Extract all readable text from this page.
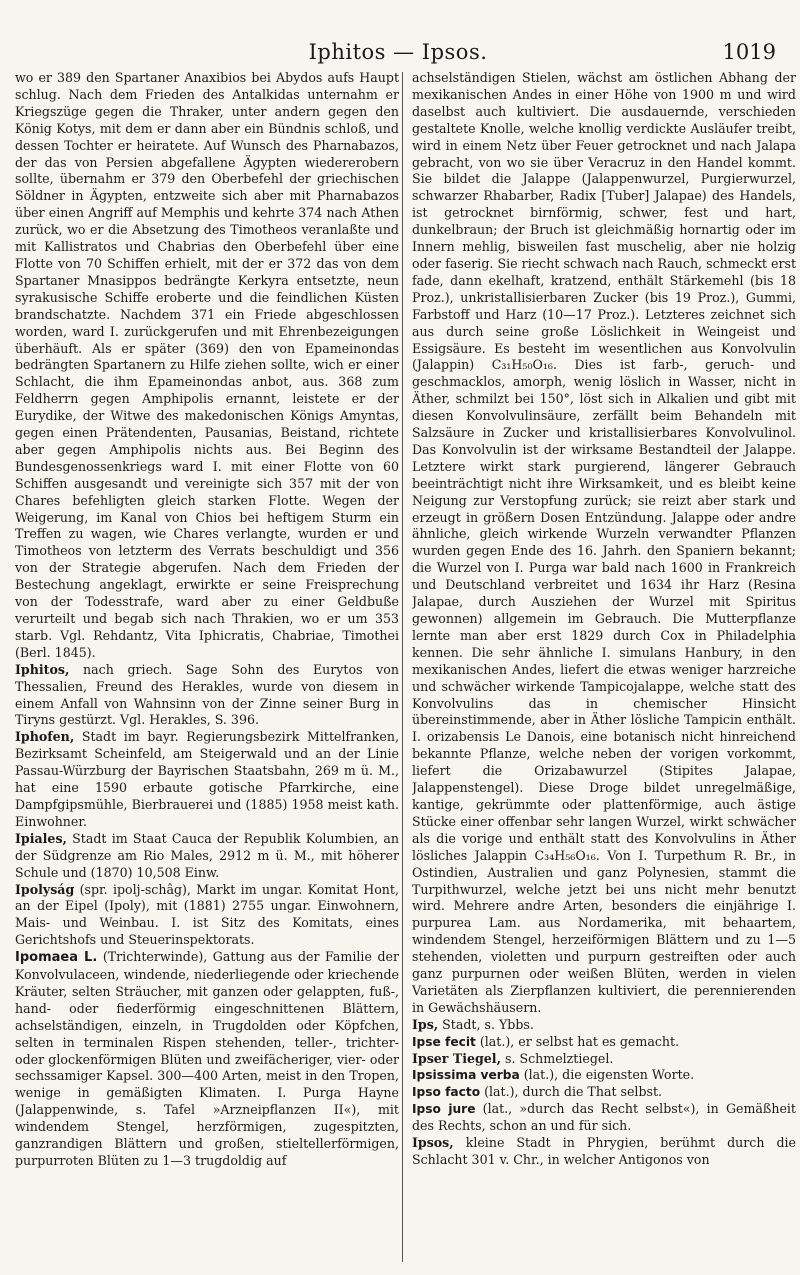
Iphitos — Ipsos.	1019

wo er 389 den Spartaner Anaxibios bei Abydos aufs Haupt schlug. Nach dem Frieden des Antalkidas unternahm er Kriegszüge gegen die Thraker, unter andern gegen den König Kotys, mit dem er dann aber ein Bündnis schloß, und dessen Tochter er heiratete. Auf Wunsch des Pharnabazos, der das von Persien abgefallene Ägypten wiedererobern sollte, übernahm er 379 den Oberbefehl der griechischen Söldner in Ägypten, entzweite sich aber mit Pharnabazos über einen Angriff auf Memphis und kehrte 374 nach Athen zurück, wo er die Absetzung des Timotheos veranlaßte und mit Kallistratos und Chabrias den Oberbefehl über eine Flotte von 70 Schiffen erhielt, mit der er 372 das von dem Spartaner Mnasippos bedrängte Kerkyra entsetzte, neun syrakusische Schiffe eroberte und die feindlichen Küsten brandschatzte. Nachdem 371 ein Friede abgeschlossen worden, ward I. zurückgerufen und mit Ehrenbezeigungen überhäuft. Als er später (369) den von Epameinondas bedrängten Spartanern zu Hilfe ziehen sollte, wich er einer Schlacht, die ihm Epameinondas anbot, aus. 368 zum Feldherrn gegen Amphipolis ernannt, leistete er der Eurydike, der Witwe des makedonischen Königs Amyntas, gegen einen Prätendenten, Pausanias, Beistand, richtete aber gegen Amphipolis nichts aus. Bei Beginn des Bundesgenossenkriegs ward I. mit einer Flotte von 60 Schiffen ausgesandt und vereinigte sich 357 mit der von Chares befehligten gleich starken Flotte. Wegen der Weigerung, im Kanal von Chios bei heftigem Sturm ein Treffen zu wagen, wie Chares verlangte, wurden er und Timotheos von letzterm des Verrats beschuldigt und 356 von der Strategie abgerufen. Nach dem Frieden der Bestechung angeklagt, erwirkte er seine Freisprechung von der Todesstrafe, ward aber zu einer Geldbuße verurteilt und begab sich nach Thrakien, wo er um 353 starb. Vgl. Rehdantz, Vita Iphicratis, Chabriae, Timothei (Berl. 1845).

Iphitos, nach griech. Sage Sohn des Eurytos von Thessalien, Freund des Herakles, wurde von diesem in einem Anfall von Wahnsinn von der Zinne seiner Burg in Tiryns gestürzt. Vgl. Herakles, S. 396.

Iphofen, Stadt im bayr. Regierungsbezirk Mittelfranken, Bezirksamt Scheinfeld, am Steigerwald und an der Linie Passau-Würzburg der Bayrischen Staatsbahn, 269 m ü. M., hat eine 1590 erbaute gotische Pfarrkirche, eine Dampfgipsmühle, Bierbrauerei und (1885) 1958 meist kath. Einwohner.

Ipiales, Stadt im Staat Cauca der Republik Kolumbien, an der Südgrenze am Rio Males, 2912 m ü. M., mit höherer Schule und (1870) 10,508 Einw.

Ipolyság (spr. ipolj-schâg), Markt im ungar. Komitat Hont, an der Eipel (Ipoly), mit (1881) 2755 ungar. Einwohnern, Mais- und Weinbau. I. ist Sitz des Komitats, eines Gerichtshofs und Steuerinspektorats.

Ipomaea L. (Trichterwinde), Gattung aus der Familie der Konvolvulaceen, windende, niederliegende oder kriechende Kräuter, selten Sträucher, mit ganzen oder gelappten, fuß-, hand- oder fiederförmig eingeschnittenen Blättern, achselständigen, einzeln, in Trugdolden oder Köpfchen, selten in terminalen Rispen stehenden, teller-, trichter- oder glockenförmigen Blüten und zweifächeriger, vier- oder sechssamiger Kapsel. 300—400 Arten, meist in den Tropen, wenige in gemäßigten Klimaten. I. Purga Hayne (Jalappenwinde, s. Tafel »Arzneipflanzen II«), mit windendem Stengel, herzförmigen, zugespitzten, ganzrandigen Blättern und großen, stieltellerförmigen, purpurroten Blüten zu 1—3 trugdoldig auf

achselständigen Stielen, wächst am östlichen Abhang der mexikanischen Andes in einer Höhe von 1900 m und wird daselbst auch kultiviert. Die ausdauernde, verschieden gestaltete Knolle, welche knollig verdickte Ausläufer treibt, wird in einem Netz über Feuer getrocknet und nach Jalapa gebracht, von wo sie über Veracruz in den Handel kommt. Sie bildet die Jalappe (Jalappenwurzel, Purgierwurzel, schwarzer Rhabarber, Radix [Tuber] Jalapae) des Handels, ist getrocknet birnförmig, schwer, fest und hart, dunkelbraun; der Bruch ist gleichmäßig hornartig oder im Innern mehlig, bisweilen fast muschelig, aber nie holzig oder faserig. Sie riecht schwach nach Rauch, schmeckt erst fade, dann ekelhaft, kratzend, enthält Stärkemehl (bis 18 Proz.), unkristallisierbaren Zucker (bis 19 Proz.), Gummi, Farbstoff und Harz (10—17 Proz.). Letzteres zeichnet sich aus durch seine große Löslichkeit in Weingeist und Essigsäure. Es besteht im wesentlichen aus Konvolvulin (Jalappin) C₃₁H₅₀O₁₆. Dies ist farb-, geruch- und geschmacklos, amorph, wenig löslich in Wasser, nicht in Äther, schmilzt bei 150°, löst sich in Alkalien und gibt mit diesen Konvolvulinsäure, zerfällt beim Behandeln mit Salzsäure in Zucker und kristallisierbares Konvolvulinol. Das Konvolvulin ist der wirksame Bestandteil der Jalappe. Letztere wirkt stark purgierend, längerer Gebrauch beeinträchtigt nicht ihre Wirksamkeit, und es bleibt keine Neigung zur Verstopfung zurück; sie reizt aber stark und erzeugt in größern Dosen Entzündung. Jalappe oder andre ähnliche, gleich wirkende Wurzeln verwandter Pflanzen wurden gegen Ende des 16. Jahrh. den Spaniern bekannt; die Wurzel von I. Purga war bald nach 1600 in Frankreich und Deutschland verbreitet und 1634 ihr Harz (Resina Jalapae, durch Ausziehen der Wurzel mit Spiritus gewonnen) allgemein im Gebrauch. Die Mutterpflanze lernte man aber erst 1829 durch Cox in Philadelphia kennen. Die sehr ähnliche I. simulans Hanbury, in den mexikanischen Andes, liefert die etwas weniger harzreiche und schwächer wirkende Tampicojalappe, welche statt des Konvolvulins das in chemischer Hinsicht übereinstimmende, aber in Äther lösliche Tampicin enthält. I. orizabensis Le Danois, eine botanisch nicht hinreichend bekannte Pflanze, welche neben der vorigen vorkommt, liefert die Orizabawurzel (Stipites Jalapae, Jalappenstengel). Diese Droge bildet unregelmäßige, kantige, gekrümmte oder plattenförmige, auch ästige Stücke einer offenbar sehr langen Wurzel, wirkt schwächer als die vorige und enthält statt des Konvolvulins in Äther lösliches Jalappin C₃₄H₅₆O₁₆. Von I. Turpethum R. Br., in Ostindien, Australien und ganz Polynesien, stammt die Turpithwurzel, welche jetzt bei uns nicht mehr benutzt wird. Mehrere andre Arten, besonders die einjährige I. purpurea Lam. aus Nordamerika, mit behaartem, windendem Stengel, herzeiförmigen Blättern und zu 1—5 stehenden, violetten und purpurn gestreiften oder auch ganz purpurnen oder weißen Blüten, werden in vielen Varietäten als Zierpflanzen kultiviert, die perennierenden in Gewächshäusern.

Ips, Stadt, s. Ybbs.

Ipse fecit (lat.), er selbst hat es gemacht.

Ipser Tiegel, s. Schmelztiegel.

Ipsissima verba (lat.), die eigensten Worte.

Ipso facto (lat.), durch die That selbst.

Ipso jure (lat., »durch das Recht selbst«), in Gemäßheit des Rechts, schon an und für sich.

Ipsos, kleine Stadt in Phrygien, berühmt durch die Schlacht 301 v. Chr., in welcher Antigonos von
